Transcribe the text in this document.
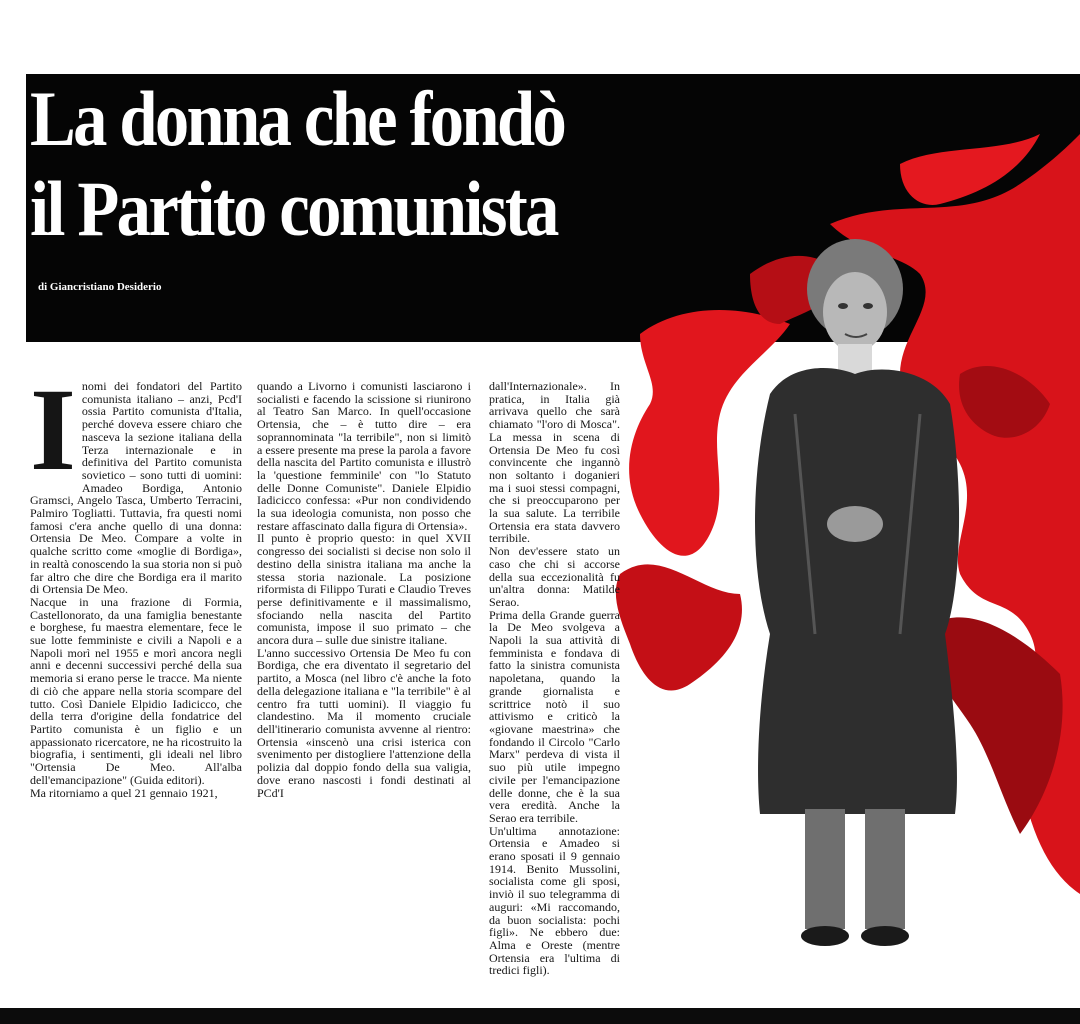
La donna che fondò
il Partito comunista
di Giancristiano Desiderio
I nomi dei fondatori del Partito comunista italiano – anzi, Pcd'I ossia Partito comunista d'Italia, perché doveva essere chiaro che nasceva la sezione italiana della Terza internazionale e in definitiva del Partito comunista sovietico – sono tutti di uomini: Amadeo Bordiga, Antonio Gramsci, Angelo Tasca, Umberto Terracini, Palmiro Togliatti. Tuttavia, fra questi nomi famosi c'era anche quello di una donna: Ortensia De Meo. Compare a volte in qualche scritto come «moglie di Bordiga», in realtà conoscendo la sua storia non si può far altro che dire che Bordiga era il marito di Ortensia De Meo.

Nacque in una frazione di Formia, Castellonorato, da una famiglia benestante e borghese, fu maestra elementare, fece le sue lotte femministe e civili a Napoli e a Napoli morì nel 1955 e morì ancora negli anni e decenni successivi perché della sua memoria si erano perse le tracce. Ma niente di ciò che appare nella storia scompare del tutto. Così Daniele Elpidio Iadicicco, che della terra d'origine della fondatrice del Partito comunista è un figlio e un appassionato ricercatore, ne ha ricostruito la biografia, i sentimenti, gli ideali nel libro "Ortensia De Meo. All'alba dell'emancipazione" (Guida editori).

Ma ritorniamo a quel 21 gennaio 1921,

quando a Livorno i comunisti lasciarono i socialisti e facendo la scissione si riunirono al Teatro San Marco. In quell'occasione Ortensia, che – è tutto dire – era soprannominata "la terribile", non si limitò a essere presente ma prese la parola a favore della nascita del Partito comunista e illustrò la 'questione femminile' con "lo Statuto delle Donne Comuniste". Daniele Elpidio Iadicicco confessa: «Pur non condividendo la sua ideologia comunista, non posso che restare affascinato dalla figura di Ortensia».

Il punto è proprio questo: in quel XVII congresso dei socialisti si decise non solo il destino della sinistra italiana ma anche la stessa storia nazionale. La posizione riformista di Filippo Turati e Claudio Treves perse definitivamente e il massimalismo, sfociando nella nascita del Partito comunista, impose il suo primato – che ancora dura – sulle due sinistre italiane.

L'anno successivo Ortensia De Meo fu con Bordiga, che era diventato il segretario del partito, a Mosca (nel libro c'è anche la foto della delegazione italiana e "la terribile" è al centro fra tutti uomini). Il viaggio fu clandestino. Ma il momento cruciale dell'itinerario comunista avvenne al rientro: Ortensia «inscenò una crisi isterica con svenimento per distogliere l'attenzione della polizia dal doppio fondo della sua valigia, dove erano nascosti i fondi destinati al PCd'I

dall'Internazionale». In pratica, in Italia già arrivava quello che sarà chiamato "l'oro di Mosca". La messa in scena di Ortensia De Meo fu così convincente che ingannò non soltanto i doganieri ma i suoi stessi compagni, che si preoccuparono per la sua salute. La terribile Ortensia era stata davvero terribile.

Non dev'essere stato un caso che chi si accorse della sua eccezionalità fu un'altra donna: Matilde Serao.

Prima della Grande guerra la De Meo svolgeva a Napoli la sua attività di femminista e fondava di fatto la sinistra comunista napoletana, quando la grande giornalista e scrittrice notò il suo attivismo e criticò la «giovane maestrina» che fondando il Circolo "Carlo Marx" perdeva di vista il suo più utile impegno civile per l'emancipazione delle donne, che è la sua vera eredità. Anche la Serao era terribile.

Un'ultima annotazione: Ortensia e Amadeo si erano sposati il 9 gennaio 1914. Benito Mussolini, socialista come gli sposi, inviò il suo telegramma di auguri: «Mi raccomando, da buon socialista: pochi figli». Ne ebbero due: Alma e Oreste (mentre Ortensia era l'ultima di tredici figli).
